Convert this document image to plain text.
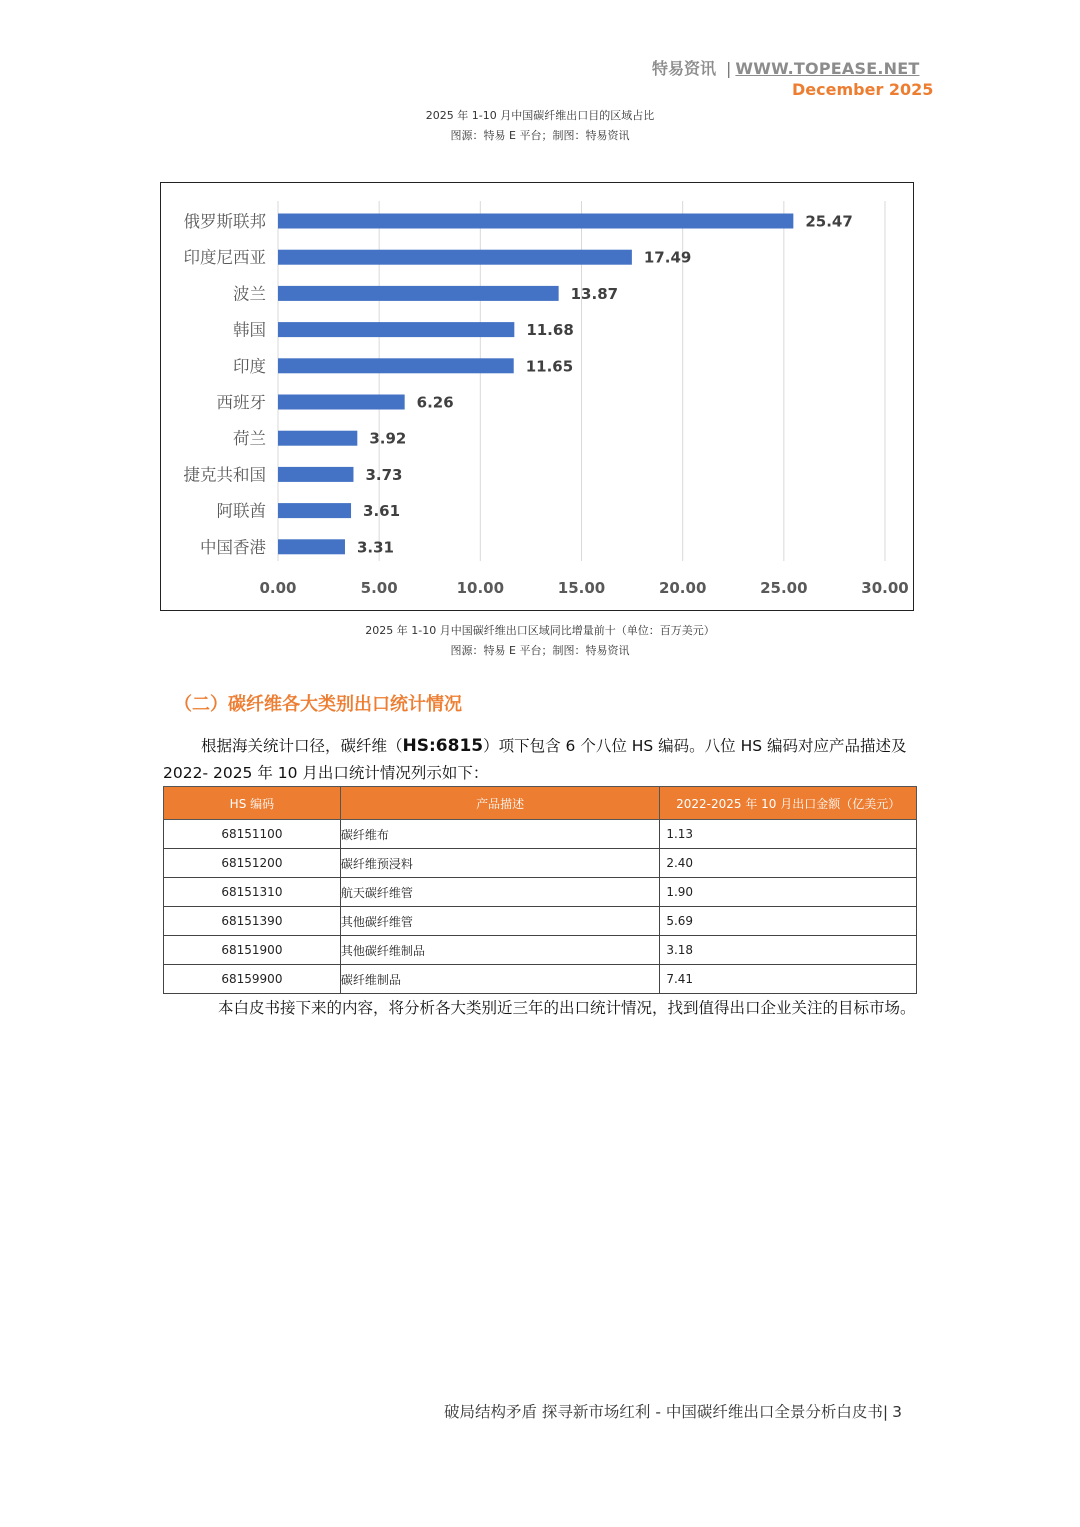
特易资讯 | WWW.TOPEASE.NET
December 2025
2025 年 1-10 月中国碳纤维出口目的区域占比
图源：特易 E 平台；制图：特易资讯
0.00	5.00	10.00	15.00	20.00	25.00	30.00
俄罗斯联邦	25.47
印度尼西亚	17.49
波兰	13.87
韩国	11.68
印度	11.65
西班牙	6.26
荷兰	3.92
捷克共和国	3.73
阿联酋	3.61
中国香港	3.31
2025 年 1-10 月中国碳纤维出口区域同比增量前十（单位：百万美元）
图源：特易 E 平台；制图：特易资讯
（二）碳纤维各大类别出口统计情况
根据海关统计口径，碳纤维（HS:6815）项下包含 6 个八位 HS 编码。八位 HS 编码对应产品描述及 2022- 2025 年 10 月出口统计情况列示如下：
HS 编码	产品描述	2022-2025 年 10 月出口金额（亿美元）
68151100	碳纤维布	1.13
68151200	碳纤维预浸料	2.40
68151310	航天碳纤维管	1.90
68151390	其他碳纤维管	5.69
68151900	其他碳纤维制品	3.18
68159900	碳纤维制品	7.41
本白皮书接下来的内容，将分析各大类别近三年的出口统计情况，找到值得出口企业关注的目标市场。
破局结构矛盾 探寻新市场红利 - 中国碳纤维出口全景分析白皮书| 3
